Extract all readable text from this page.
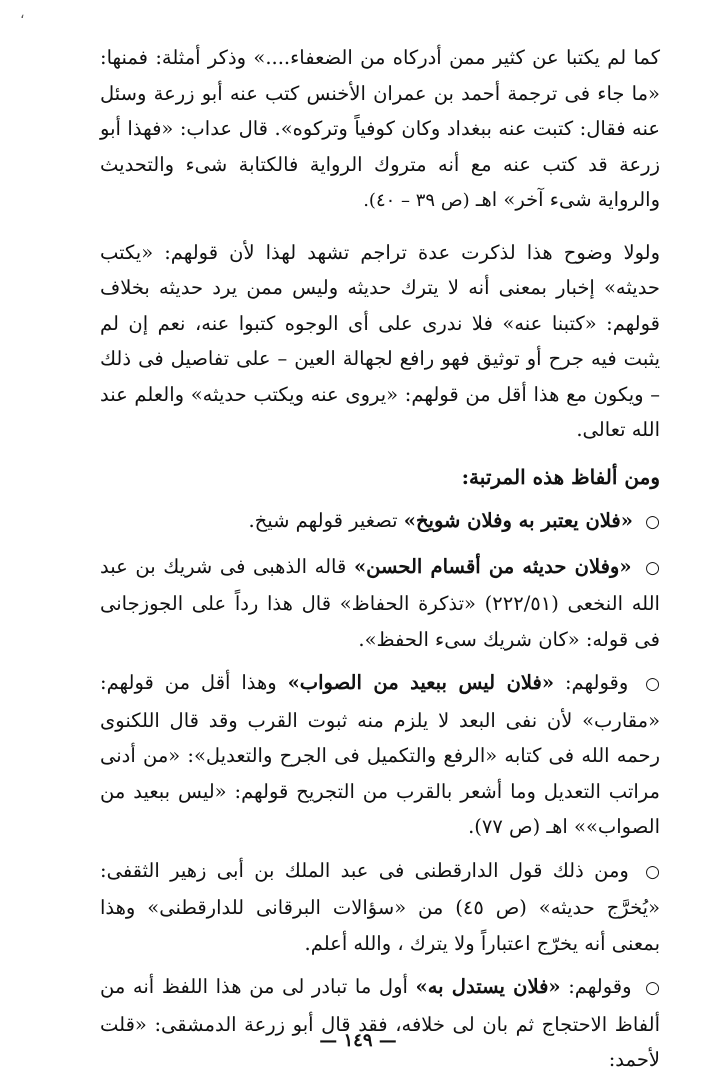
،

كما لم يكتبا عن كثير ممن أدركاه من الضعفاء....» وذكر أمثلة: فمنها: «ما جاء فى ترجمة أحمد بن عمران الأخنس كتب عنه أبو زرعة وسئل عنه فقال: كتبت عنه ببغداد وكان كوفياً وتركوه». قال عداب: «فهذا أبو زرعة قد كتب عنه مع أنه متروك الرواية فالكتابة شىء والتحديث والرواية شىء آخر» اهـ (ص ٣٩ – ٤٠).

ولولا وضوح هذا لذكرت عدة تراجم تشهد لهذا لأن قولهم: «يكتب حديثه» إخبار بمعنى أنه لا يترك حديثه وليس ممن يرد حديثه بخلاف قولهم: «كتبنا عنه» فلا ندرى على أى الوجوه كتبوا عنه، نعم إن لم يثبت فيه جرح أو توثيق فهو رافع لجهالة العين – على تفاصيل فى ذلك – ويكون مع هذا أقل من قولهم: «يروى عنه ويكتب حديثه» والعلم عند الله تعالى.

ومن ألفاظ هذه المرتبة:

○ «فلان يعتبر به وفلان شويخ» تصغير قولهم شيخ.

○ «وفلان حديثه من أقسام الحسن» قاله الذهبى فى شريك بن عبد الله النخعى (٢٢٢/٥١) «تذكرة الحفاظ» قال هذا رداً على الجوزجانى فى قوله: «كان شريك سىء الحفظ».

○ وقولهم: «فلان ليس ببعيد من الصواب» وهذا أقل من قولهم: «مقارب» لأن نفى البعد لا يلزم منه ثبوت القرب وقد قال اللكنوى رحمه الله فى كتابه «الرفع والتكميل فى الجرح والتعديل»: «من أدنى مراتب التعديل وما أشعر بالقرب من التجريح قولهم: «ليس ببعيد من الصواب»» اهـ (ص ٧٧).

○ ومن ذلك قول الدارقطنى فى عبد الملك بن أبى زهير الثقفى: «يُخرَّج حديثه» (ص ٤٥) من «سؤالات البرقانى للدارقطنى» وهذا بمعنى أنه يخرّج اعتباراً ولا يترك ، والله أعلم.

○ وقولهم: «فلان يستدل به» أول ما تبادر لى من هذا اللفظ أنه من ألفاظ الاحتجاج ثم بان لى خلافه، فقد قال أبو زرعة الدمشقى: «قلت لأحمد:

— ١٤٩ —
